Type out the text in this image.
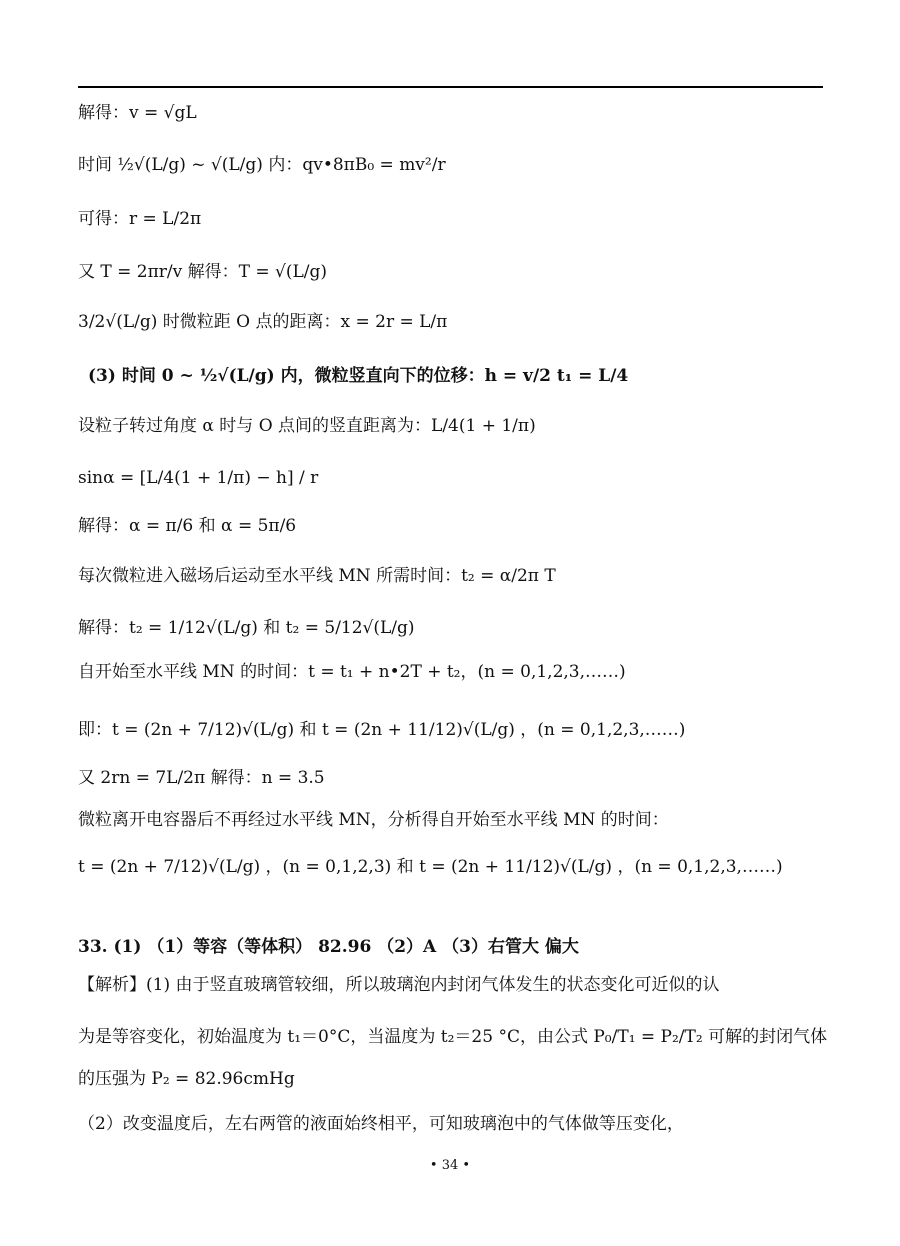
解得：v = √gL
时间 ½√(L/g) ~ √(L/g) 内：qv•8πB₀ = mv²/r
可得：r = L/2π
又 T = 2πr/v 解得：T = √(L/g)
3/2√(L/g) 时微粒距 O 点的距离：x = 2r = L/π
(3) 时间 0 ~ ½√(L/g) 内，微粒竖直向下的位移：h = v/2 t₁ = L/4
设粒子转过角度 α 时与 O 点间的竖直距离为：L/4(1 + 1/π)
sinα = [L/4(1 + 1/π) − h] / r
解得：α = π/6 和 α = 5π/6
每次微粒进入磁场后运动至水平线 MN 所需时间：t₂ = α/2π T
解得：t₂ = 1/12√(L/g) 和 t₂ = 5/12√(L/g)
自开始至水平线 MN 的时间：t = t₁ + n•2T + t₂，(n = 0,1,2,3,……)
即：t = (2n + 7/12)√(L/g) 和 t = (2n + 11/12)√(L/g) ，(n = 0,1,2,3,……)
又 2rn = 7L/2π 解得：n = 3.5
微粒离开电容器后不再经过水平线 MN，分析得自开始至水平线 MN 的时间：
t = (2n + 7/12)√(L/g) ，(n = 0,1,2,3) 和 t = (2n + 11/12)√(L/g) ，(n = 0,1,2,3,……)
33. (1) （1）等容（等体积） 82.96 （2）A （3）右管大 偏大
【解析】(1) 由于竖直玻璃管较细，所以玻璃泡内封闭气体发生的状态变化可近似的认
为是等容变化，初始温度为 t₁＝0°C，当温度为 t₂＝25 °C，由公式 P₀/T₁ = P₂/T₂ 可解的封闭气体
的压强为 P₂ = 82.96cmHg
（2）改变温度后，左右两管的液面始终相平，可知玻璃泡中的气体做等压变化，
• 34 •
